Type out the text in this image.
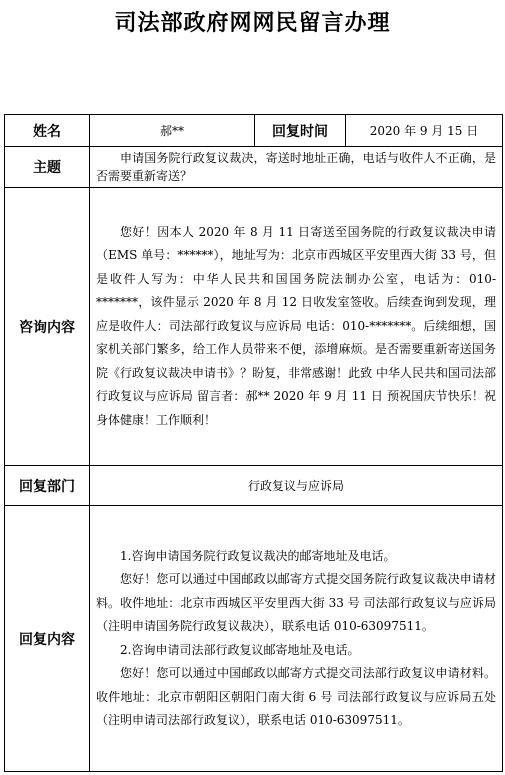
司法部政府网网民留言办理
姓名	郝**	回复时间	2020 年 9 月 15 日
主题	申请国务院行政复议裁决，寄送时地址正确，电话与收件人不正确，是否需要重新寄送？		

咨询内容	您好！因本人 2020 年 8 月 11 日寄送至国务院的行政复议裁决申请（EMS 单号：******），地址写为：北京市西城区平安里西大街 33 号，但是收件人写为：中华人民共和国国务院法制办公室，电话为：010-*******，该件显示 2020 年 8 月 12 日收发室签收。后续查询到发现，理应是收件人：司法部行政复议与应诉局 电话：010-*******。后续细想，国家机关部门繁多，给工作人员带来不便，添增麻烦。是否需要重新寄送国务院《行政复议裁决申请书》？盼复，非常感谢！此致 中华人民共和国司法部 行政复议与应诉局 留言者：郝** 2020 年 9 月 11 日 预祝国庆节快乐！祝身体健康！工作顺利！		

回复部门	行政复议与应诉局		
回复内容	1.咨询申请国务院行政复议裁决的邮寄地址及电话。

您好！您可以通过中国邮政以邮寄方式提交国务院行政复议裁决申请材料。收件地址：北京市西城区平安里西大街 33 号 司法部行政复议与应诉局（注明申请国务院行政复议裁决），联系电话 010-63097511。

2.咨询申请司法部行政复议邮寄地址及电话。

您好！您可以通过中国邮政以邮寄方式提交司法部行政复议申请材料。收件地址：北京市朝阳区朝阳门南大街 6 号 司法部行政复议与应诉局五处（注明申请司法部行政复议），联系电话 010-63097511。		
